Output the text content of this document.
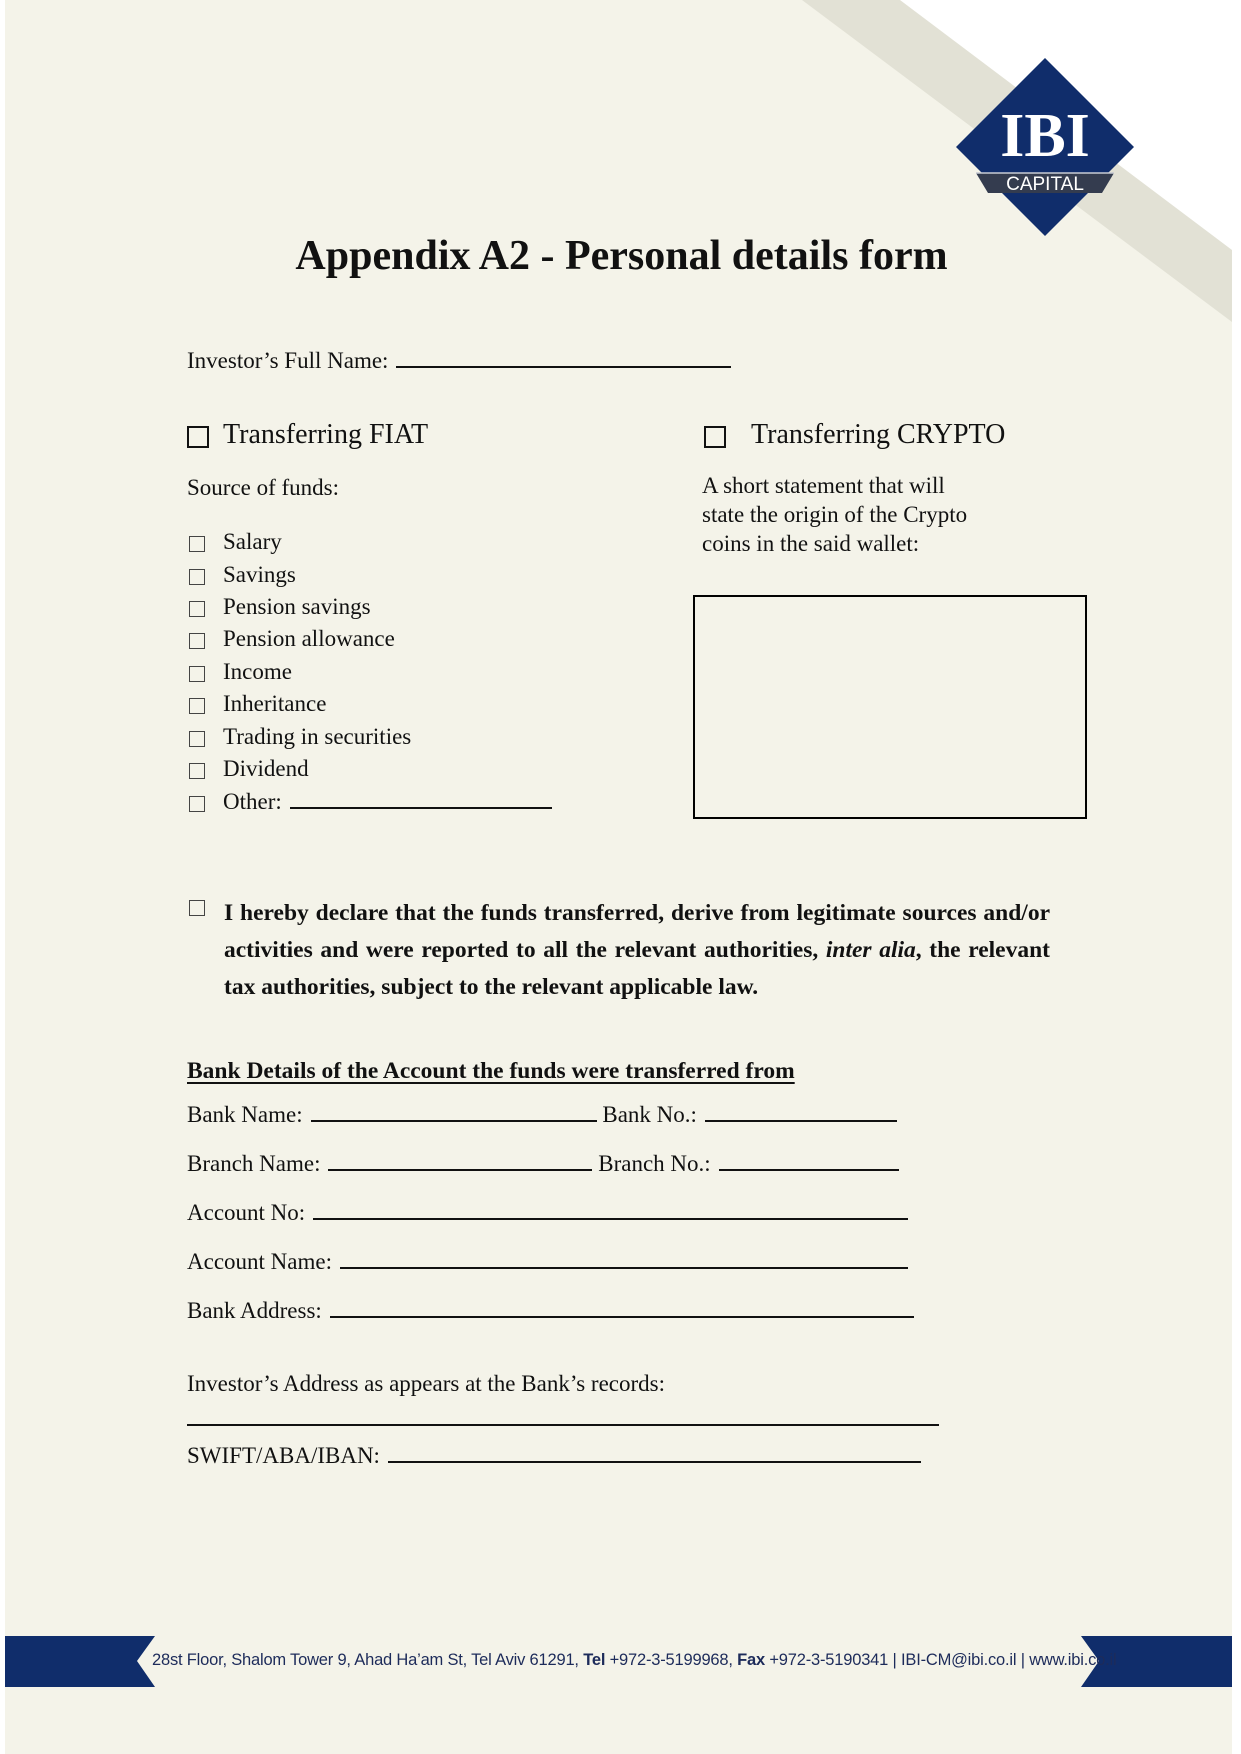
IBI
CAPITAL
Appendix A2 - Personal details form
Investor’s Full Name:
Transferring FIAT
Source of funds:
Salary
Savings
Pension savings
Pension allowance
Income
Inheritance
Trading in securities
Dividend
Other:
Transferring CRYPTO
A short statement that will
state the origin of the Crypto
coins in the said wallet:
I hereby declare that the funds transferred, derive from legitimate sources and/or activities and were reported to all the relevant authorities, inter alia, the relevant tax authorities, subject to the relevant applicable law.
Bank Details of the Account the funds were transferred from
Bank Name:	Bank No.:
Branch Name:	Branch No.:
Account No:
Account Name:
Bank Address:
Investor’s Address as appears at the Bank’s records:
SWIFT/ABA/IBAN:
28st Floor, Shalom Tower 9, Ahad Ha’am St, Tel Aviv 61291, Tel +972-3-5199968, Fax +972-3-5190341 | IBI-CM@ibi.co.il | www.ibi.co.il
